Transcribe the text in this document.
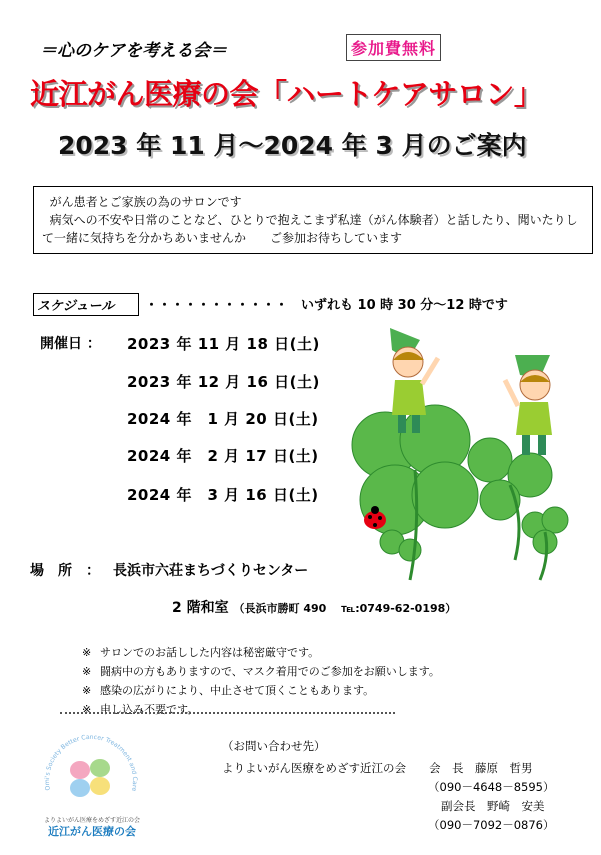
＝心のケアを考える会＝	参加費無料
近江がん医療の会「ハートケアサロン」
2023 年 11 月～2024 年 3 月のご案内

がん患者とご家族の為のサロンです

病気への不安や日常のことなど、ひとりで抱えこまず私達（がん体験者）と話したり、聞いたりして一緒に気持ちを分かちあいませんか　　ご参加お待ちしています

スケジュール	・・・・・・・・・・・　いずれも 10 時 30 分～12 時です
開催日 ： 2023 年 11 月 18 日(土)
2023 年 12 月 16 日(土)
2024 年　1 月 20 日(土)
2024 年　2 月 17 日(土)
2024 年　3 月 16 日(土)
場　所　： 長浜市六荘まちづくりセンター
2 階和室 （長浜市勝町 490　 ℡:0749-62-0198）
※ サロンでのお話しした内容は秘密厳守です。
※ 闘病中の方もありますので、マスク着用でのご参加をお願いします。
※ 感染の広がりにより、中止させて頂くこともあります。
※ 申し込み不要です。
Omi's Society Better Cancer Treatment and Care
よりよいがん医療をめざす近江の会
近江がん医療の会
（お問い合わせ先）
よりよいがん医療をめざす近江の会　　会　長　藤原　哲男
（090－4648－8595）
副会長　野崎　安美
（090－7092－0876）
